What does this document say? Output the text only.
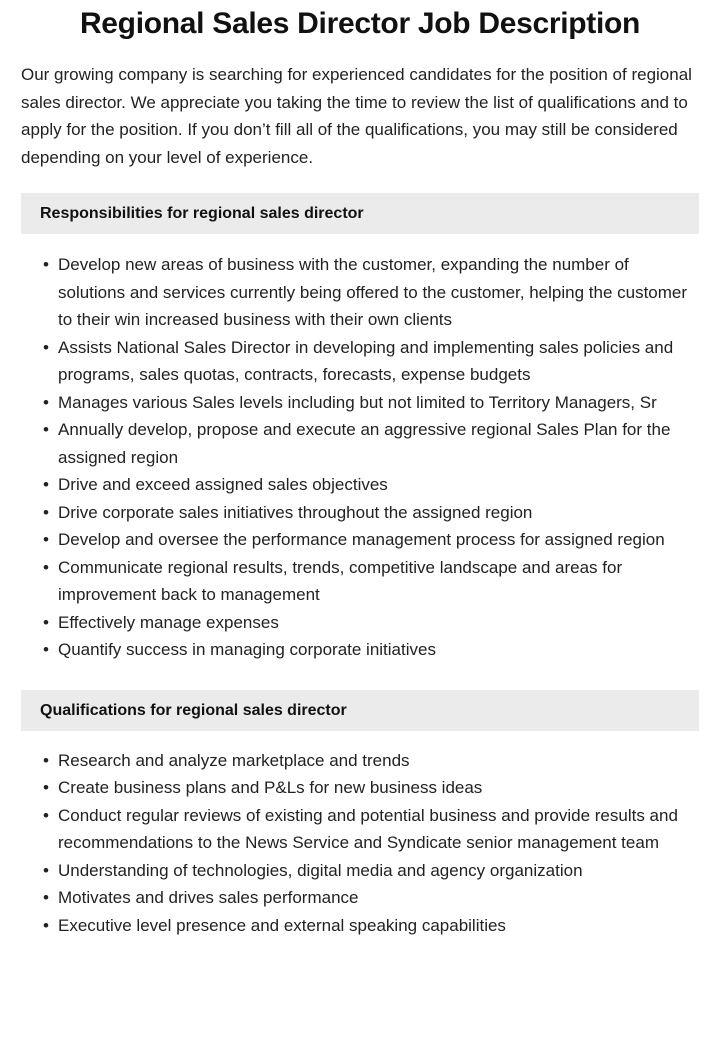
Regional Sales Director Job Description

Our growing company is searching for experienced candidates for the position of regional sales director. We appreciate you taking the time to review the list of qualifications and to apply for the position. If you don’t fill all of the qualifications, you may still be considered depending on your level of experience.

Responsibilities for regional sales director
• Develop new areas of business with the customer, expanding the number of solutions and services currently being offered to the customer, helping the customer to their win increased business with their own clients
• Assists National Sales Director in developing and implementing sales policies and programs, sales quotas, contracts, forecasts, expense budgets
• Manages various Sales levels including but not limited to Territory Managers, Sr
• Annually develop, propose and execute an aggressive regional Sales Plan for the assigned region
• Drive and exceed assigned sales objectives
• Drive corporate sales initiatives throughout the assigned region
• Develop and oversee the performance management process for assigned region
• Communicate regional results, trends, competitive landscape and areas for improvement back to management
• Effectively manage expenses
• Quantify success in managing corporate initiatives
Qualifications for regional sales director
• Research and analyze marketplace and trends
• Create business plans and P&Ls for new business ideas
• Conduct regular reviews of existing and potential business and provide results and recommendations to the News Service and Syndicate senior management team
• Understanding of technologies, digital media and agency organization
• Motivates and drives sales performance
• Executive level presence and external speaking capabilities
